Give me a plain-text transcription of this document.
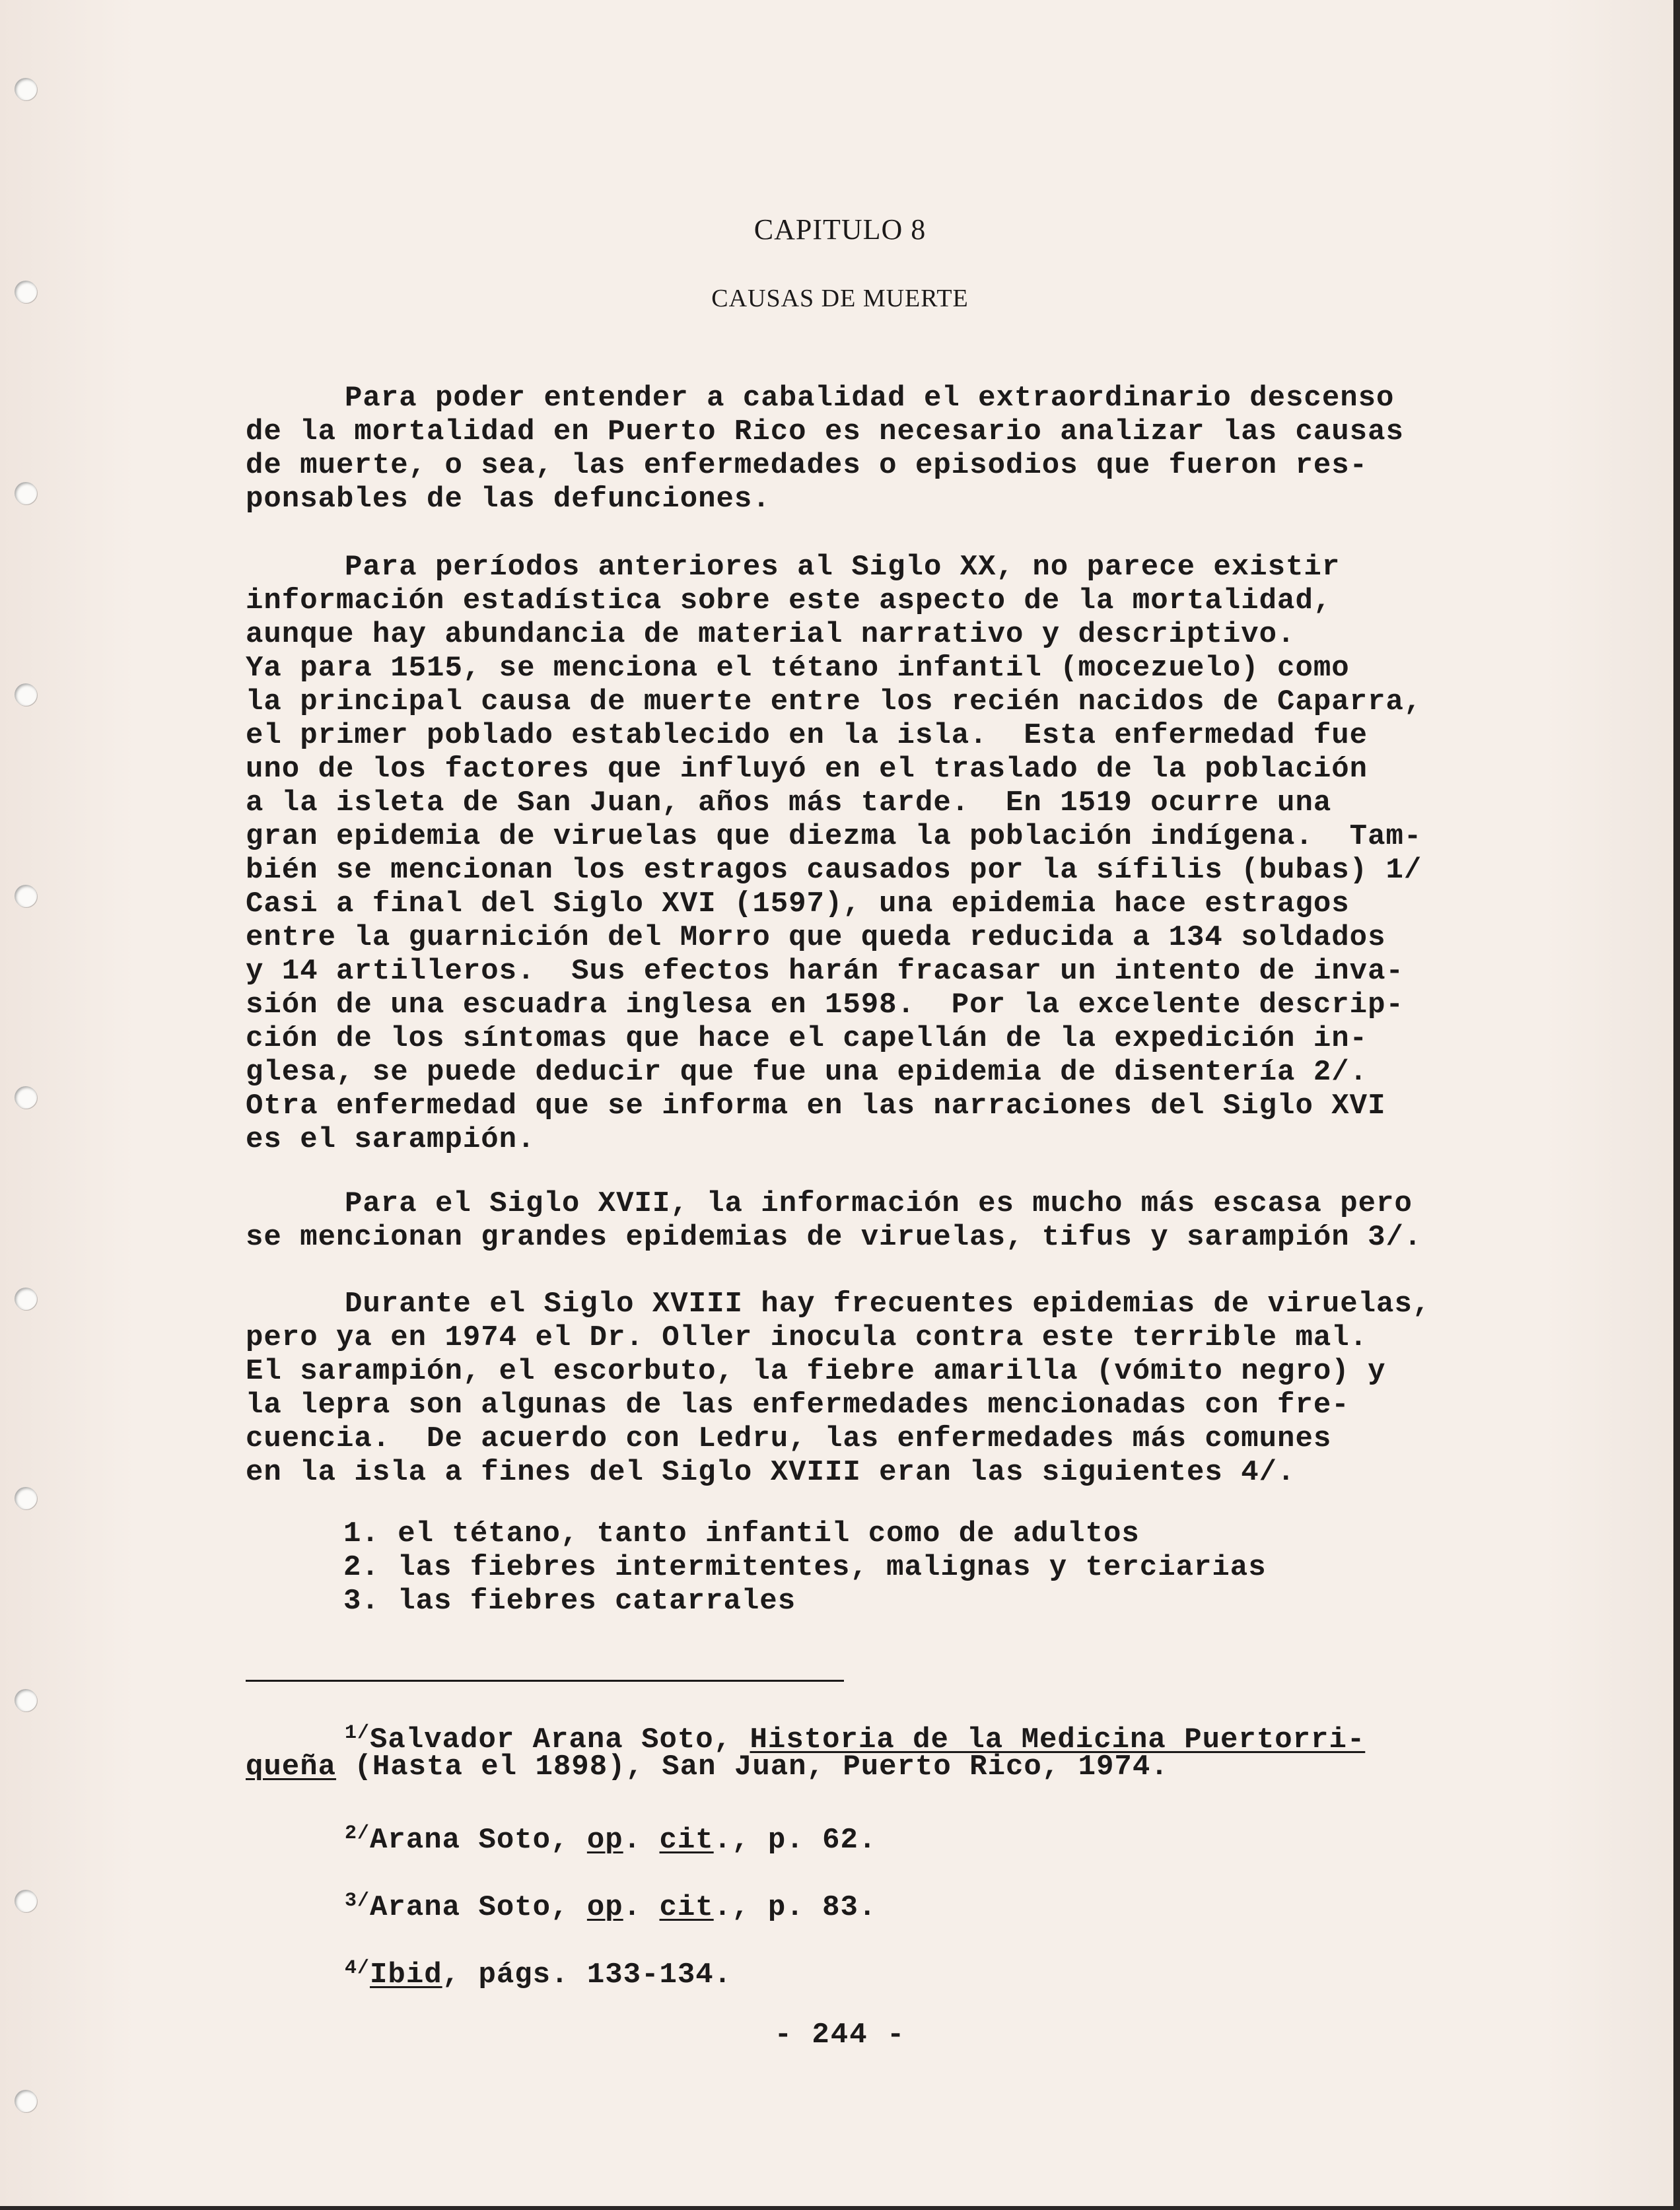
CAPITULO 8
CAUSAS DE MUERTE
Para poder entender a cabalidad el extraordinario descenso
de la mortalidad en Puerto Rico es necesario analizar las causas
de muerte, o sea, las enfermedades o episodios que fueron res-
ponsables de las defunciones.
Para períodos anteriores al Siglo XX, no parece existir
información estadística sobre este aspecto de la mortalidad,
aunque hay abundancia de material narrativo y descriptivo.
Ya para 1515, se menciona el tétano infantil (mocezuelo) como
la principal causa de muerte entre los recién nacidos de Caparra,
el primer poblado establecido en la isla.  Esta enfermedad fue
uno de los factores que influyó en el traslado de la población
a la isleta de San Juan, años más tarde.  En 1519 ocurre una
gran epidemia de viruelas que diezma la población indígena.  Tam-
bién se mencionan los estragos causados por la sífilis (bubas) 1/
Casi a final del Siglo XVI (1597), una epidemia hace estragos
entre la guarnición del Morro que queda reducida a 134 soldados
y 14 artilleros.  Sus efectos harán fracasar un intento de inva-
sión de una escuadra inglesa en 1598.  Por la excelente descrip-
ción de los síntomas que hace el capellán de la expedición in-
glesa, se puede deducir que fue una epidemia de disentería 2/.
Otra enfermedad que se informa en las narraciones del Siglo XVI
es el sarampión.
Para el Siglo XVII, la información es mucho más escasa pero
se mencionan grandes epidemias de viruelas, tifus y sarampión 3/.
Durante el Siglo XVIII hay frecuentes epidemias de viruelas,
pero ya en 1974 el Dr. Oller inocula contra este terrible mal.
El sarampión, el escorbuto, la fiebre amarilla (vómito negro) y
la lepra son algunas de las enfermedades mencionadas con fre-
cuencia.  De acuerdo con Ledru, las enfermedades más comunes
en la isla a fines del Siglo XVIII eran las siguientes 4/.
1. el tétano, tanto infantil como de adultos
2. las fiebres intermitentes, malignas y terciarias
3. las fiebres catarrales
$^{1/}$Salvador Arana Soto, Historia de la Medicina Puertorri-
queña (Hasta el 1898), San Juan, Puerto Rico, 1974.
$^{2/}$Arana Soto, op. cit., p. 62.
$^{3/}$Arana Soto, op. cit., p. 83.
$^{4/}$Ibid, págs. 133-134.
- 244 -
